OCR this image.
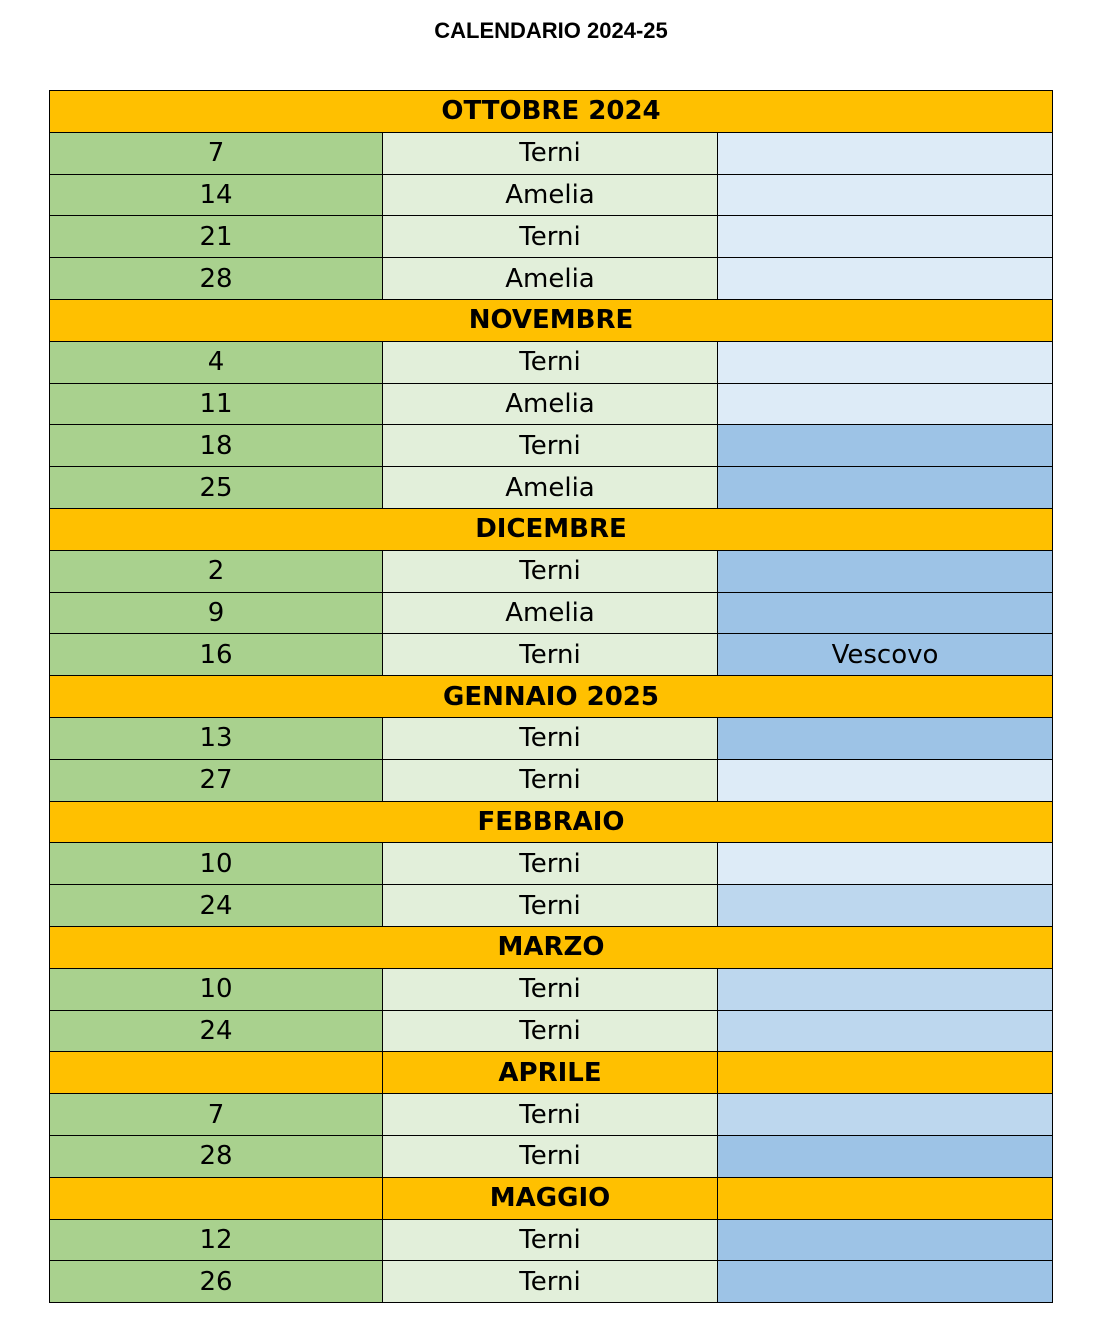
CALENDARIO 2024-25
OTTOBRE 2024		
7	Terni	
14	Amelia	
21	Terni	
28	Amelia	
NOVEMBRE		
4	Terni	
11	Amelia	
18	Terni	
25	Amelia	
DICEMBRE		
2	Terni	
9	Amelia	
16	Terni	Vescovo
GENNAIO 2025		
13	Terni	
27	Terni	
FEBBRAIO		
10	Terni	
24	Terni	
MARZO		
10	Terni	
24	Terni	
	APRILE	
7	Terni	
28	Terni	
	MAGGIO	
12	Terni	
26	Terni	
